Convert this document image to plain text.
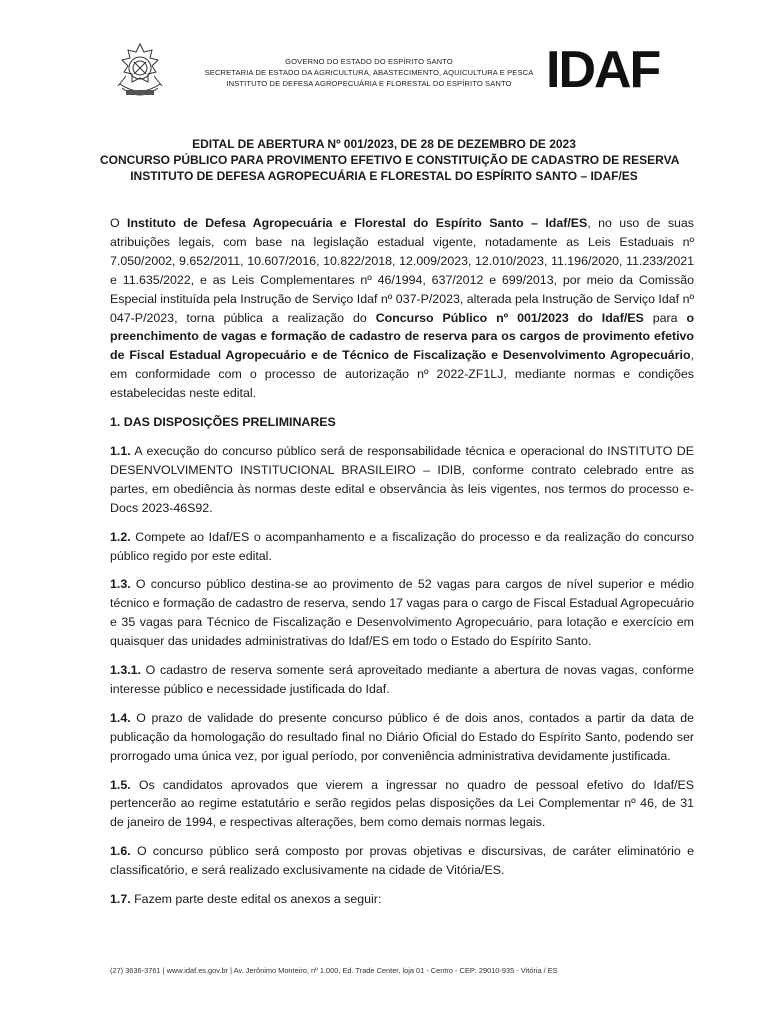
GOVERNO DO ESTADO DO ESPÍRITO SANTO
SECRETARIA DE ESTADO DA AGRICULTURA, ABASTECIMENTO, AQUICULTURA E PESCA
INSTITUTO DE DEFESA AGROPECUÁRIA E FLORESTAL DO ESPÍRITO SANTO IDAF
EDITAL DE ABERTURA Nº 001/2023, DE 28 DE DEZEMBRO DE 2023
CONCURSO PÚBLICO PARA PROVIMENTO EFETIVO E CONSTITUIÇÃO DE CADASTRO DE RESERVA
INSTITUTO DE DEFESA AGROPECUÁRIA E FLORESTAL DO ESPÍRITO SANTO – IDAF/ES

O Instituto de Defesa Agropecuária e Florestal do Espírito Santo – Idaf/ES, no uso de suas atribuições legais, com base na legislação estadual vigente, notadamente as Leis Estaduais nº 7.050/2002, 9.652/2011, 10.607/2016, 10.822/2018, 12.009/2023, 12.010/2023, 11.196/2020, 11.233/2021 e 11.635/2022, e as Leis Complementares nº 46/1994, 637/2012 e 699/2013, por meio da Comissão Especial instituída pela Instrução de Serviço Idaf nº 037-P/2023, alterada pela Instrução de Serviço Idaf nº 047-P/2023, torna pública a realização do Concurso Público nº 001/2023 do Idaf/ES para o preenchimento de vagas e formação de cadastro de reserva para os cargos de provimento efetivo de Fiscal Estadual Agropecuário e de Técnico de Fiscalização e Desenvolvimento Agropecuário, em conformidade com o processo de autorização nº 2022-ZF1LJ, mediante normas e condições estabelecidas neste edital.

1. DAS DISPOSIÇÕES PRELIMINARES

1.1. A execução do concurso público será de responsabilidade técnica e operacional do INSTITUTO DE DESENVOLVIMENTO INSTITUCIONAL BRASILEIRO – IDIB, conforme contrato celebrado entre as partes, em obediência às normas deste edital e observância às leis vigentes, nos termos do processo e-Docs 2023-46S92.

1.2. Compete ao Idaf/ES o acompanhamento e a fiscalização do processo e da realização do concurso público regido por este edital.

1.3. O concurso público destina-se ao provimento de 52 vagas para cargos de nível superior e médio técnico e formação de cadastro de reserva, sendo 17 vagas para o cargo de Fiscal Estadual Agropecuário e 35 vagas para Técnico de Fiscalização e Desenvolvimento Agropecuário, para lotação e exercício em quaisquer das unidades administrativas do Idaf/ES em todo o Estado do Espírito Santo.

1.3.1. O cadastro de reserva somente será aproveitado mediante a abertura de novas vagas, conforme interesse público e necessidade justificada do Idaf.

1.4. O prazo de validade do presente concurso público é de dois anos, contados a partir da data de publicação da homologação do resultado final no Diário Oficial do Estado do Espírito Santo, podendo ser prorrogado uma única vez, por igual período, por conveniência administrativa devidamente justificada.

1.5. Os candidatos aprovados que vierem a ingressar no quadro de pessoal efetivo do Idaf/ES pertencerão ao regime estatutário e serão regidos pelas disposições da Lei Complementar nº 46, de 31 de janeiro de 1994, e respectivas alterações, bem como demais normas legais.

1.6. O concurso público será composto por provas objetivas e discursivas, de caráter eliminatório e classificatório, e será realizado exclusivamente na cidade de Vitória/ES.

1.7. Fazem parte deste edital os anexos a seguir:

(27) 3636-3761 | www.idaf.es.gov.br | Av. Jerônimo Monteiro, nº 1.000, Ed. Trade Center, loja 01 - Centro - CEP: 29010-935 - Vitória / ES
